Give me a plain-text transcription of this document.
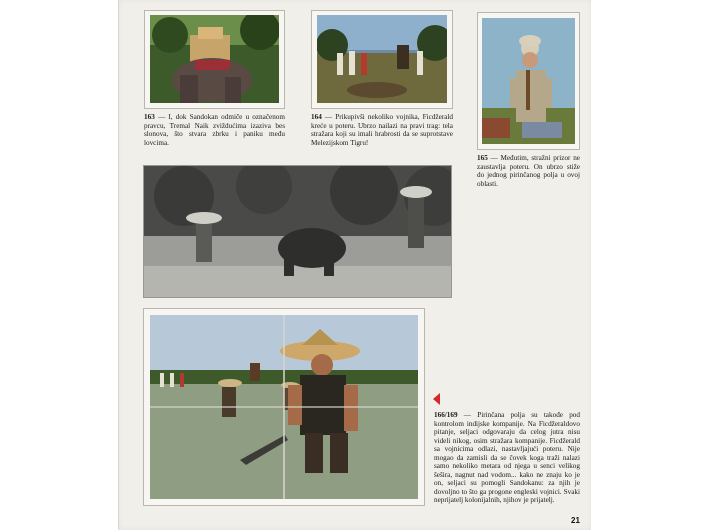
163 — I, dok Sandokan odmiče u označenom pravcu, Tremal Naik zviždućima izaziva bes slonova, što stvara zbrku i paniku među lovcima.
164 — Prikupivši nekoliko vojnika, Ficdžerald kreće u poteru. Ubrzo nailazi na pravi trag: tela stražara koji su imali hrabrosti da se suprotstave Melezijskom Tigru!
165 — Međutim, stražni prizor ne zaustavlja poteru. On ubrzo stiže do jednog pirinčanog polja u ovoj oblasti.
166/169 — Pirinčana polja su takođe pod kontrolom indijske kompanije. Na Ficdžeraldovo pitanje, seljaci odgovaraju da celog jutra nisu videli nikog, osim stražara kompanije. Ficdžerald sa vojnicima odlazi, nastavljajući poteru. Nije mogao da zamisli da se čovek koga traži nalazi samo nekoliko metara od njega u senci velikog šešira, nagnut nad vodom... kako ne znaju ko je on, seljaci su pomogli Sandokanu: za njih je dovoljno to što ga progone engleski vojnici. Svaki neprijatelj kolonijalnih, njihov je prijatelj.
21
